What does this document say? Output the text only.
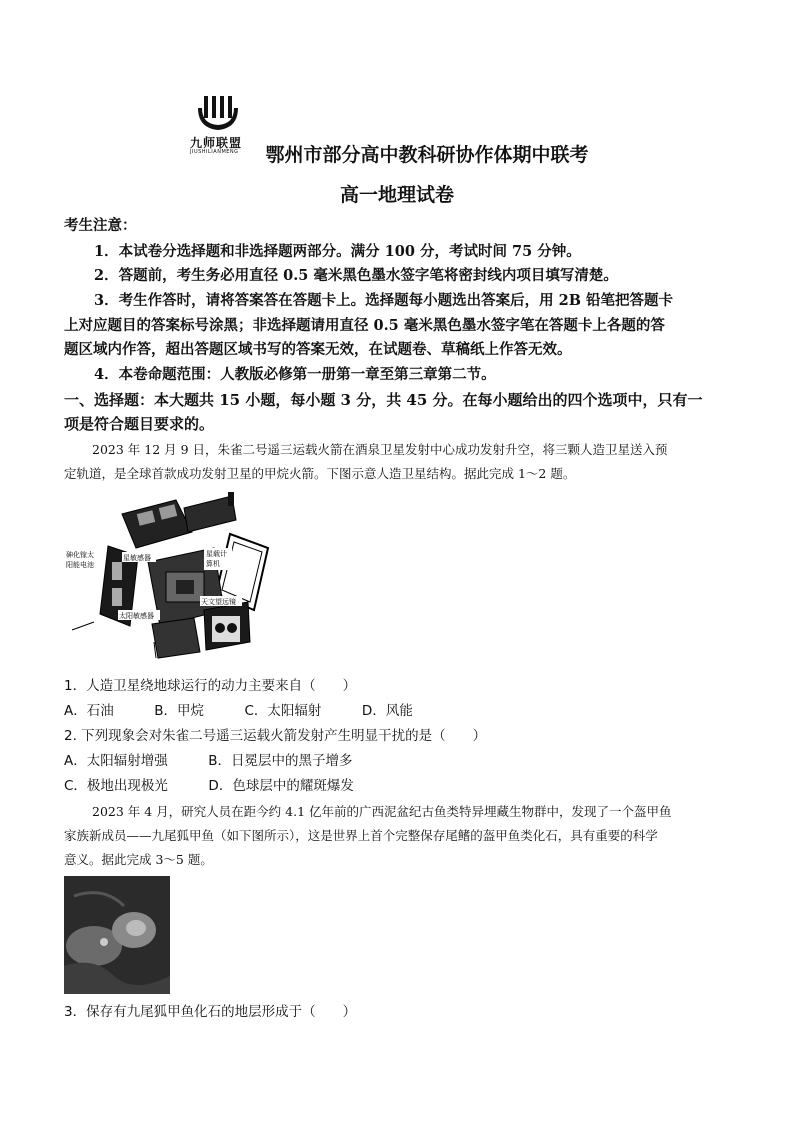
九师联盟
JIUSHILIANMENG	鄂州市部分高中教科研协作体期中联考
高一地理试卷
考生注意：
1．本试卷分选择题和非选择题两部分。满分 100 分，考试时间 75 分钟。
2．答题前，考生务必用直径 0.5 毫米黑色墨水签字笔将密封线内项目填写清楚。
3．考生作答时，请将答案答在答题卡上。选择题每小题选出答案后，用 2B 铅笔把答题卡
上对应题目的答案标号涂黑；非选择题请用直径 0.5 毫米黑色墨水签字笔在答题卡上各题的答
题区域内作答，超出答题区域书写的答案无效，在试题卷、草稿纸上作答无效。
4．本卷命题范围：人教版必修第一册第一章至第三章第二节。
一、选择题：本大题共 15 小题，每小题 3 分，共 45 分。在每小题给出的四个选项中，只有一
项是符合题目要求的。
2023 年 12 月 9 日，朱雀二号遥三运载火箭在酒泉卫星发射中心成功发射升空，将三颗人造卫星送入预
定轨道，是全球首款成功发射卫星的甲烷火箭。下图示意人造卫星结构。据此完成 1～2 题。
砷化镓太
阳能电池
星敏感器	星载计
算机
天文望远镜
太阳敏感器
1．人造卫星绕地球运行的动力主要来自（　　）
A．石油　　　B．甲烷　　　C．太阳辐射　　　D．风能
2. 下列现象会对朱雀二号遥三运载火箭发射产生明显干扰的是（　　）
A．太阳辐射增强　　　B．日冕层中的黑子增多
C．极地出现极光　　　D．色球层中的耀斑爆发
2023 年 4 月，研究人员在距今约 4.1 亿年前的广西泥盆纪古鱼类特异埋藏生物群中，发现了一个盔甲鱼
家族新成员——九尾狐甲鱼（如下图所示），这是世界上首个完整保存尾鳍的盔甲鱼类化石，具有重要的科学
意义。据此完成 3～5 题。
3．保存有九尾狐甲鱼化石的地层形成于（　　）
